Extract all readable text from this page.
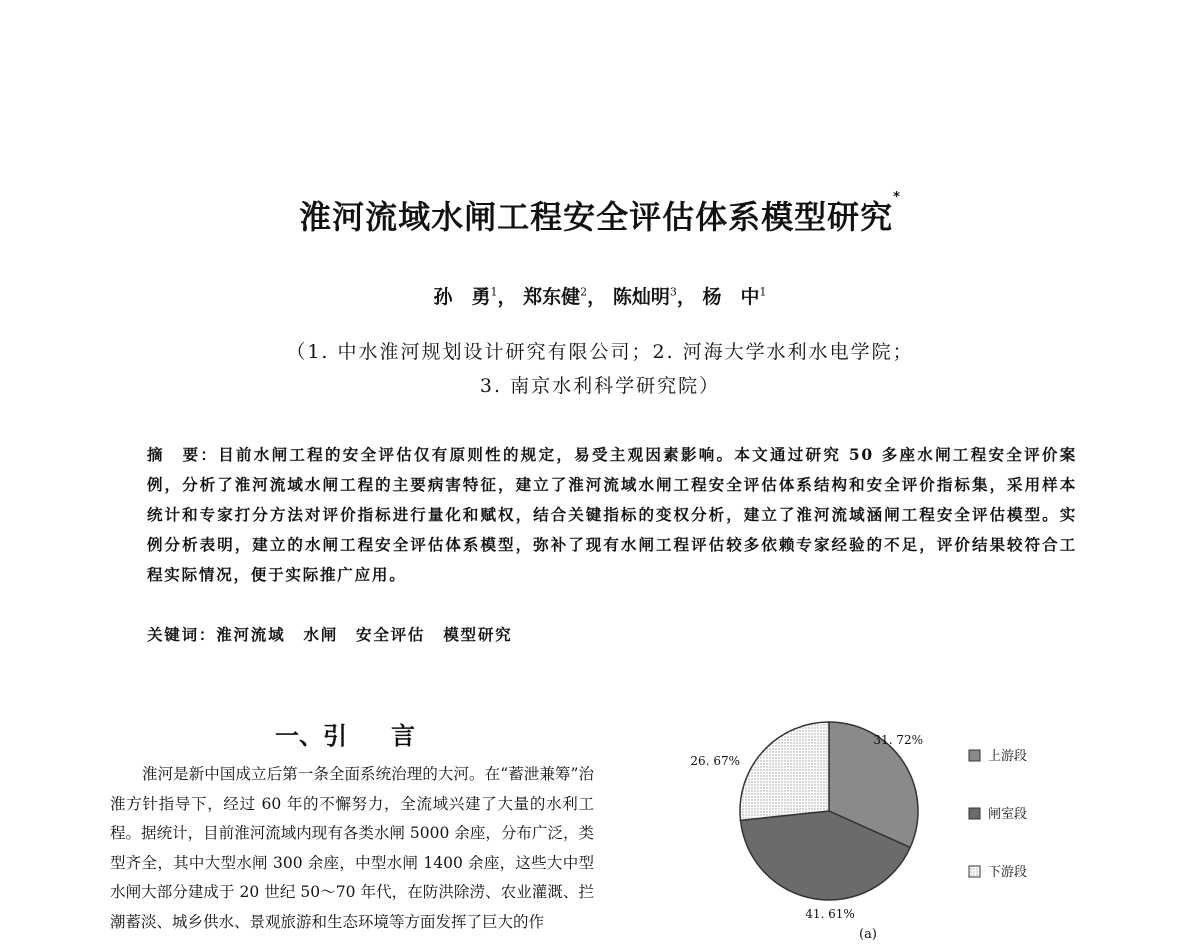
淮河流域水闸工程安全评估体系模型研究*
孙　勇$^1$， 郑东健$^2$， 陈灿明$^3$， 杨　中$^1$
（1. 中水淮河规划设计研究有限公司；2. 河海大学水利水电学院；
3. 南京水利科学研究院）
摘　要：目前水闸工程的安全评估仅有原则性的规定，易受主观因素影响。本文通过研究 50 多座水闸工程安全评价案例，分析了淮河流域水闸工程的主要病害特征，建立了淮河流域水闸工程安全评估体系结构和安全评价指标集，采用样本统计和专家打分方法对评价指标进行量化和赋权，结合关键指标的变权分析，建立了淮河流域涵闸工程安全评估模型。实例分析表明，建立的水闸工程安全评估体系模型，弥补了现有水闸工程评估较多依赖专家经验的不足，评价结果较符合工程实际情况，便于实际推广应用。
关键词：淮河流域 水闸 安全评估 模型研究
一、引 言
淮河是新中国成立后第一条全面系统治理的大河。在“蓄泄兼筹”治淮方针指导下，经过 60 年的不懈努力，全流域兴建了大量的水利工程。据统计，目前淮河流域内现有各类水闸 5000 余座，分布广泛，类型齐全，其中大型水闸 300 余座，中型水闸 1400 余座，这些大中型水闸大部分建成于 20 世纪 50～70 年代，在防洪除涝、农业灌溉、拦潮蓄淡、城乡供水、景观旅游和生态环境等方面发挥了巨大的作
31. 72%
41. 61%
26. 67%	上游段
闸室段
下游段
(a)
